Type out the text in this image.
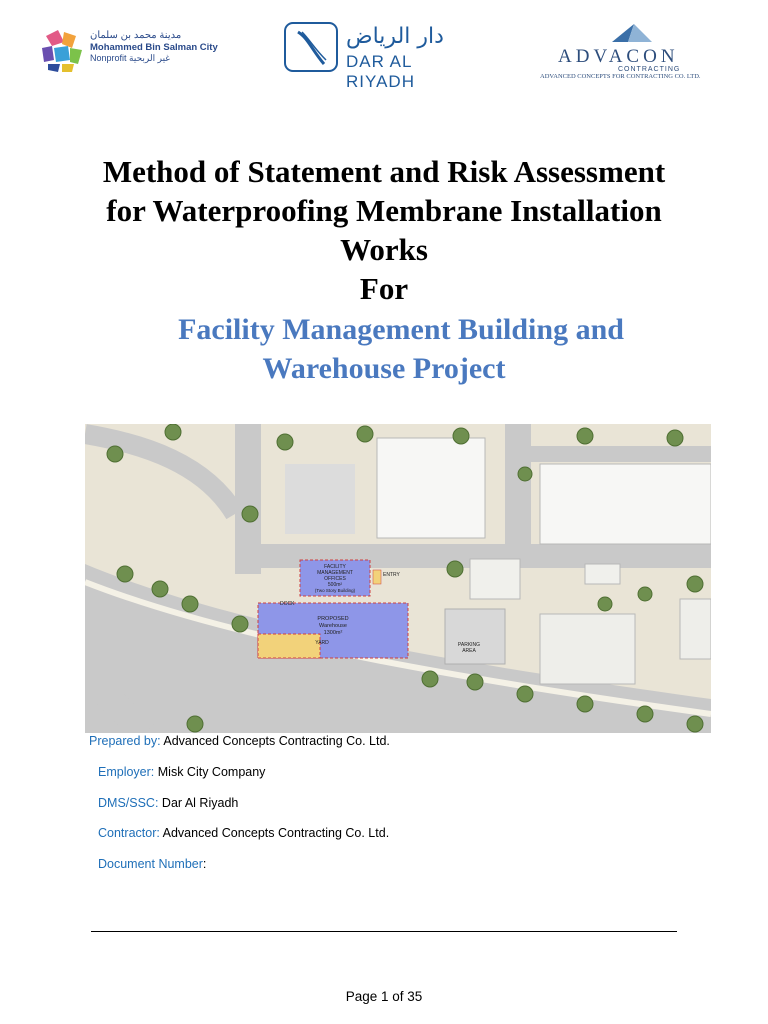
مدينة محمد بن سلمان
Mohammed Bin Salman City
Nonprofit غير الربحية
دار الرياض
DAR AL RIYADH
ADVACON
CONTRACTING
ADVANCED CONCEPTS FOR CONTRACTING CO. LTD.
Method of Statement and Risk Assessment
for Waterproofing Membrane Installation
Works
For
Facility Management Building and
Warehouse Project
FACILITY
MANAGEMENT
OFFICES
500m²
(Two Story Building)
ENTRY
DOCK
PROPOSED
Warehouse
1300m²
YARD	PARKING
AREA
Prepared by: Advanced Concepts Contracting Co. Ltd.
Employer: Misk City Company
DMS/SSC: Dar Al Riyadh
Contractor: Advanced Concepts Contracting Co. Ltd.
Document Number:
Page 1 of 35
